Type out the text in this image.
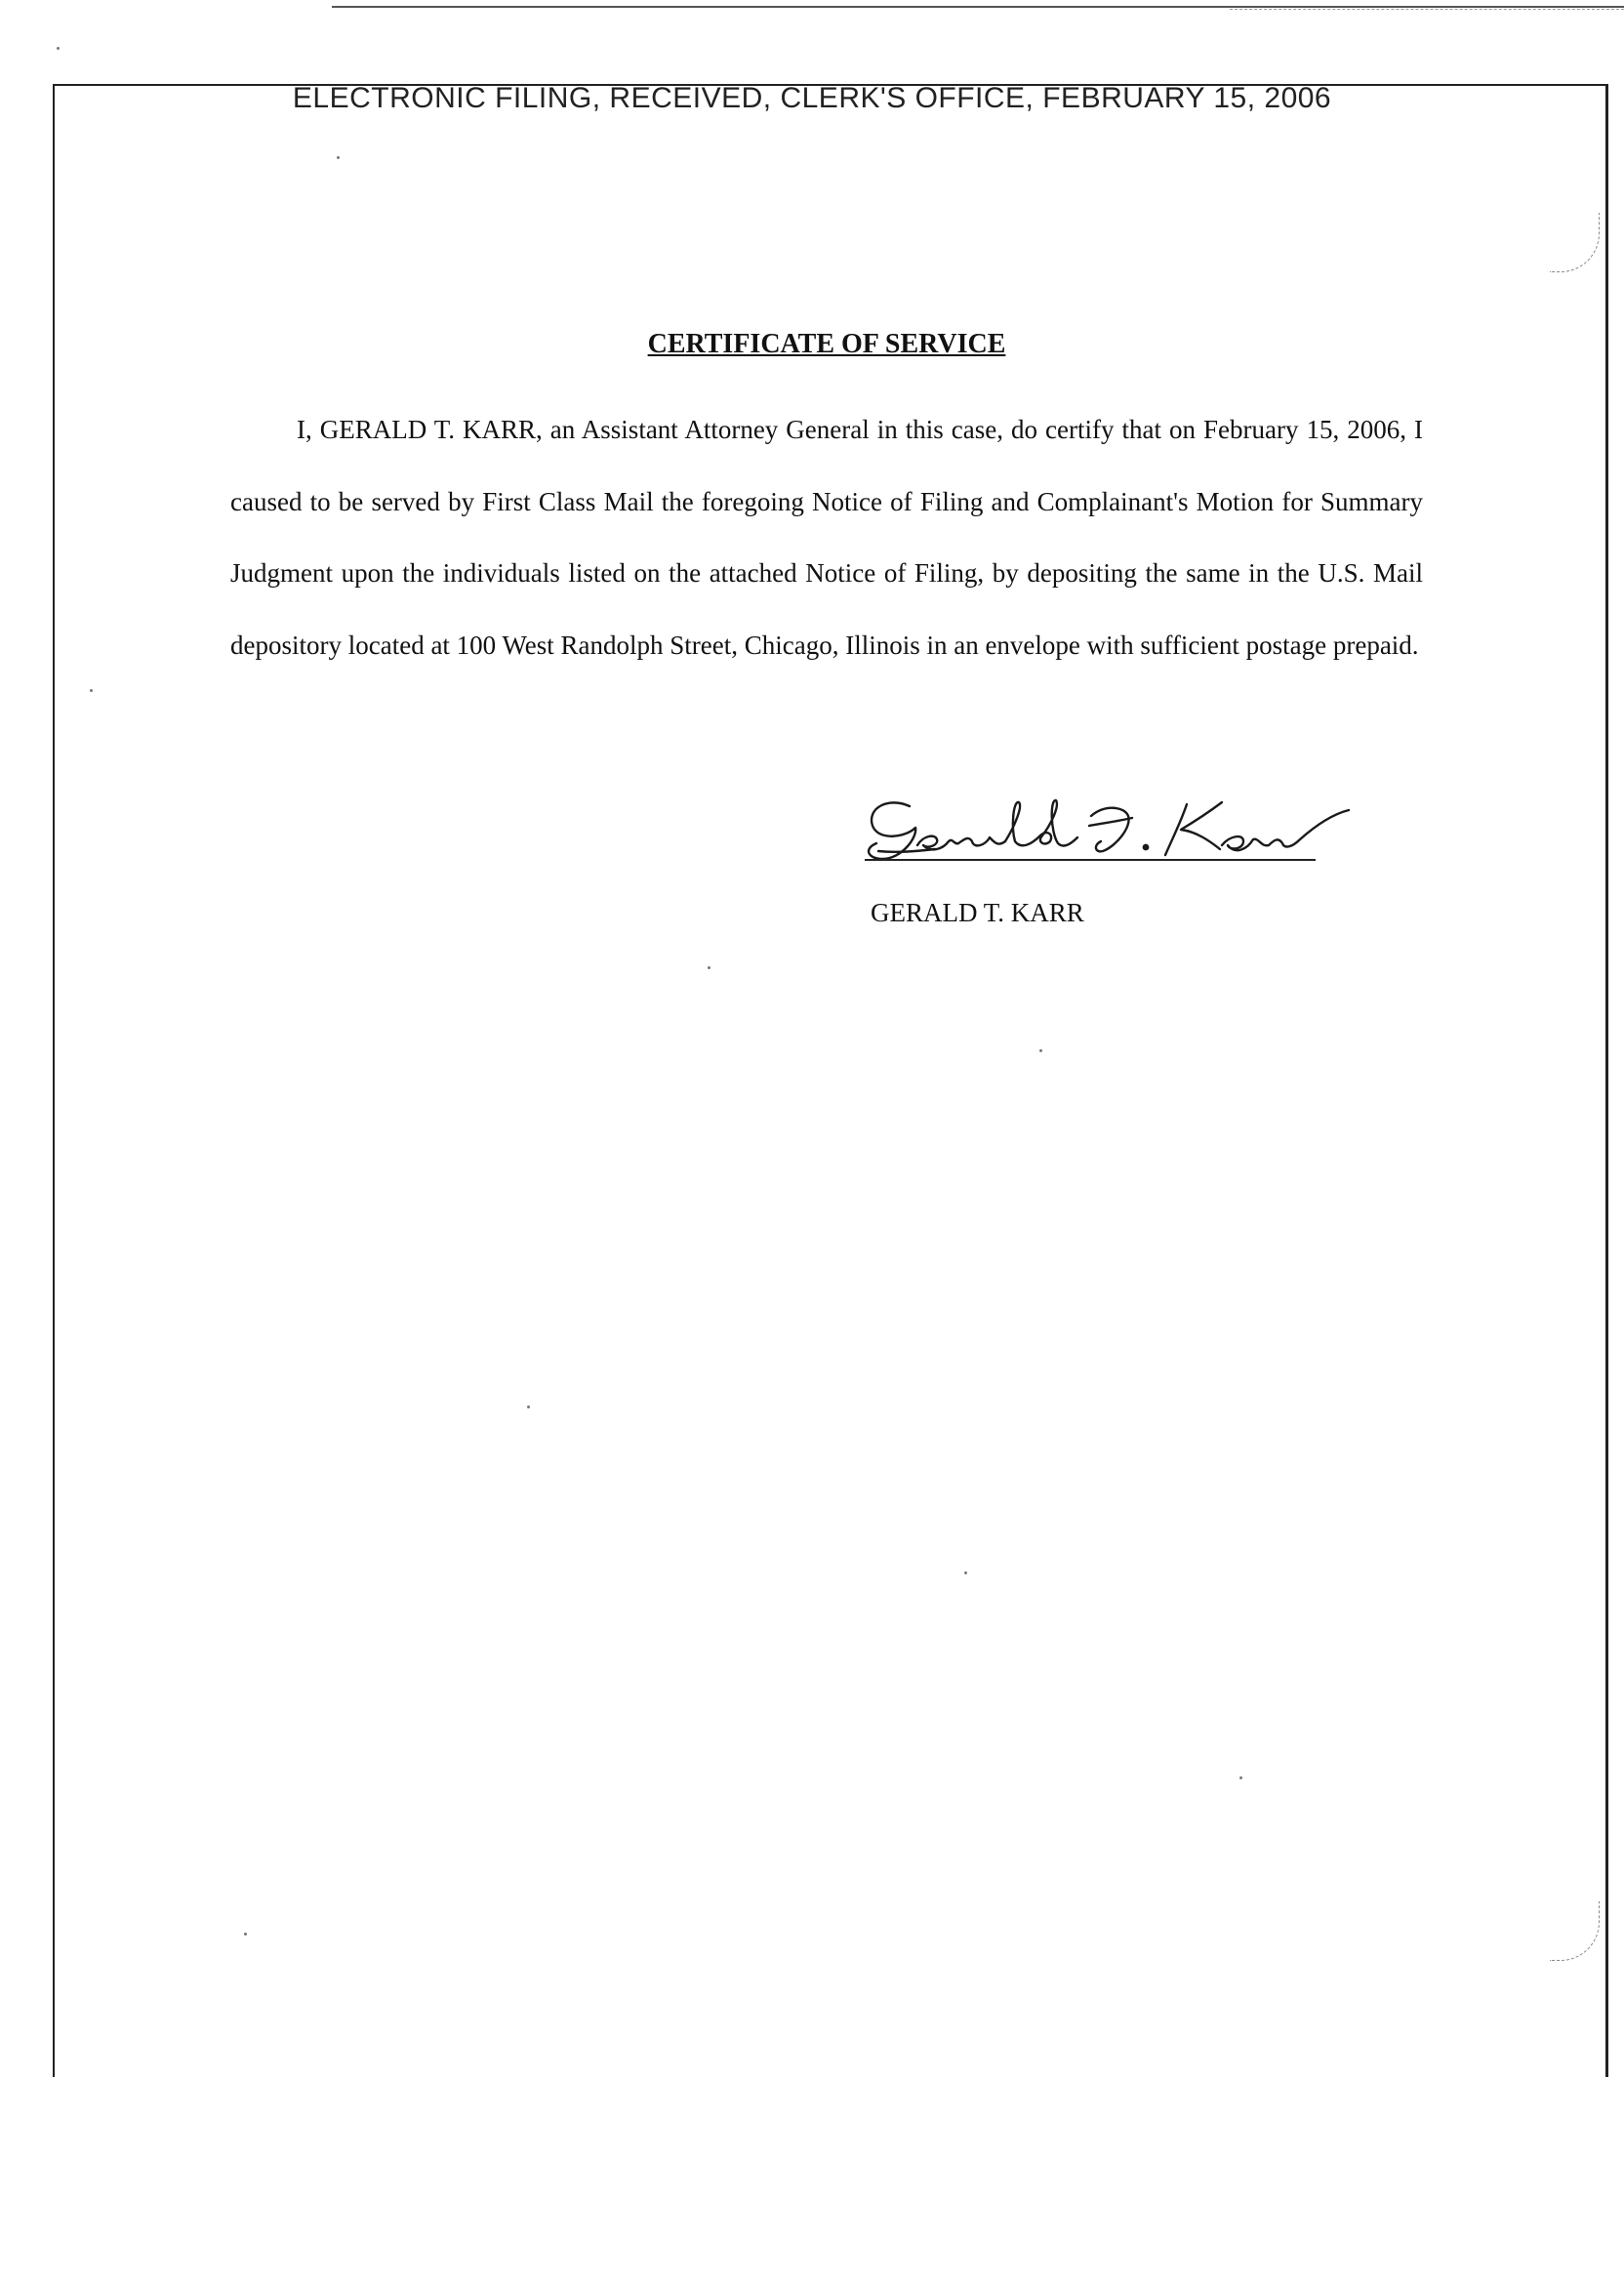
ELECTRONIC FILING, RECEIVED, CLERK'S OFFICE, FEBRUARY 15, 2006
CERTIFICATE OF SERVICE

I, GERALD T. KARR, an Assistant Attorney General in this case, do certify that on February 15, 2006, I caused to be served by First Class Mail the foregoing Notice of Filing and Complainant's Motion for Summary Judgment upon the individuals listed on the attached Notice of Filing, by depositing the same in the U.S. Mail depository located at 100 West Randolph Street, Chicago, Illinois in an envelope with sufficient postage prepaid.

GERALD T. KARR
